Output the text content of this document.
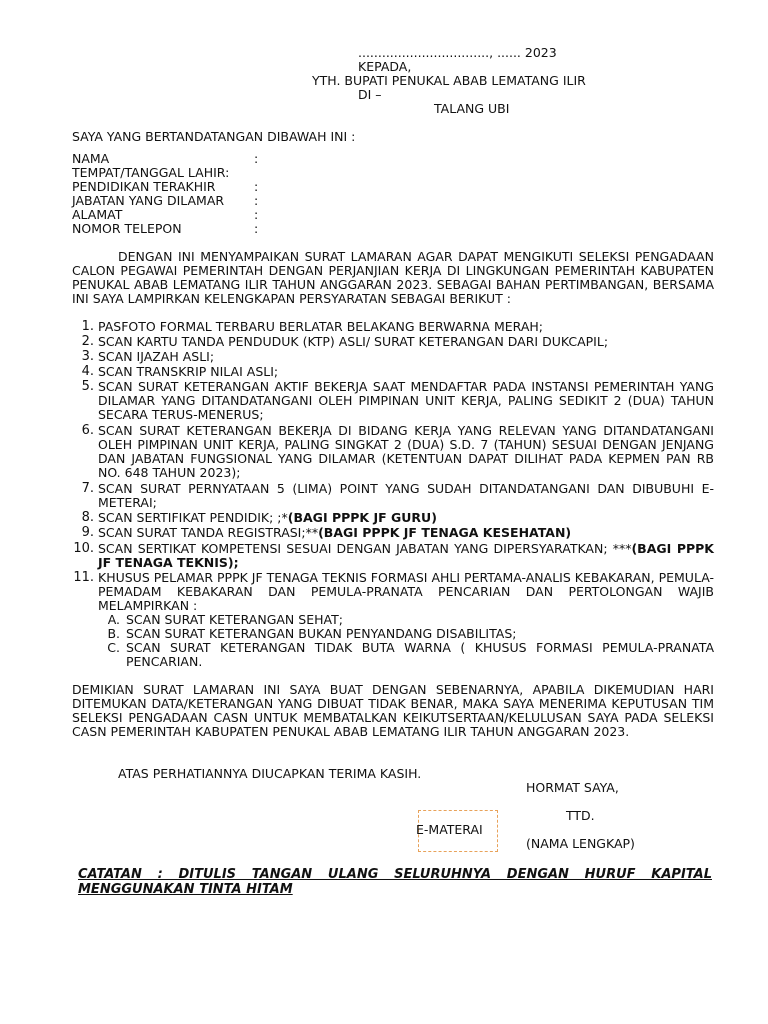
................................., ...... 2023
KEPADA,
YTH. BUPATI PENUKAL ABAB LEMATANG ILIR
DI –
TALANG UBI
SAYA YANG BERTANDATANGAN DIBAWAH INI :
NAMA	:
TEMPAT/TANGGAL LAHIR:
PENDIDIKAN TERAKHIR	:
JABATAN YANG DILAMAR :
ALAMAT	:
NOMOR TELEPON	:
DENGAN INI MENYAMPAIKAN SURAT LAMARAN AGAR DAPAT MENGIKUTI SELEKSI PENGADAAN CALON PEGAWAI PEMERINTAH DENGAN PERJANJIAN KERJA DI LINGKUNGAN PEMERINTAH KABUPATEN PENUKAL ABAB LEMATANG ILIR TAHUN ANGGARAN 2023. SEBAGAI BAHAN PERTIMBANGAN, BERSAMA INI SAYA LAMPIRKAN KELENGKAPAN PERSYARATAN SEBAGAI BERIKUT :
1. PASFOTO FORMAL TERBARU BERLATAR BELAKANG BERWARNA MERAH;
2. SCAN KARTU TANDA PENDUDUK (KTP) ASLI/ SURAT KETERANGAN DARI DUKCAPIL;
3. SCAN IJAZAH ASLI;
4. SCAN TRANSKRIP NILAI ASLI;
5. SCAN SURAT KETERANGAN AKTIF BEKERJA SAAT MENDAFTAR PADA INSTANSI PEMERINTAH YANG DILAMAR YANG DITANDATANGANI OLEH PIMPINAN UNIT KERJA, PALING SEDIKIT 2 (DUA) TAHUN SECARA TERUS-MENERUS;
6. SCAN SURAT KETERANGAN BEKERJA DI BIDANG KERJA YANG RELEVAN YANG DITANDATANGANI OLEH PIMPINAN UNIT KERJA, PALING SINGKAT 2 (DUA) S.D. 7 (TAHUN) SESUAI DENGAN JENJANG DAN JABATAN FUNGSIONAL YANG DILAMAR (KETENTUAN DAPAT DILIHAT PADA KEPMEN PAN RB NO. 648 TAHUN 2023);
7. SCAN SURAT PERNYATAAN 5 (LIMA) POINT YANG SUDAH DITANDATANGANI DAN DIBUBUHI E-METERAI;
8. SCAN SERTIFIKAT PENDIDIK; ;*(BAGI PPPK JF GURU)
9. SCAN SURAT TANDA REGISTRASI;**(BAGI PPPK JF TENAGA KESEHATAN)
10. SCAN SERTIKAT KOMPETENSI SESUAI DENGAN JABATAN YANG DIPERSYARATKAN; ***(BAGI PPPK JF TENAGA TEKNIS);
11. KHUSUS PELAMAR PPPK JF TENAGA TEKNIS FORMASI AHLI PERTAMA-ANALIS KEBAKARAN, PEMULA-PEMADAM KEBAKARAN DAN PEMULA-PRANATA PENCARIAN DAN PERTOLONGAN WAJIB MELAMPIRKAN :
A. SCAN SURAT KETERANGAN SEHAT;
B. SCAN SURAT KETERANGAN BUKAN PENYANDANG DISABILITAS;
C. SCAN SURAT KETERANGAN TIDAK BUTA WARNA ( KHUSUS FORMASI PEMULA-PRANATA PENCARIAN.
DEMIKIAN SURAT LAMARAN INI SAYA BUAT DENGAN SEBENARNYA, APABILA DIKEMUDIAN HARI DITEMUKAN DATA/KETERANGAN YANG DIBUAT TIDAK BENAR, MAKA SAYA MENERIMA KEPUTUSAN TIM SELEKSI PENGADAAN CASN UNTUK MEMBATALKAN KEIKUTSERTAAN/KELULUSAN SAYA PADA SELEKSI CASN PEMERINTAH KABUPATEN PENUKAL ABAB LEMATANG ILIR TAHUN ANGGARAN 2023.
ATAS PERHATIANNYA DIUCAPKAN TERIMA KASIH.
HORMAT SAYA,
TTD.
E-MATERAI
(NAMA LENGKAP)
CATATAN : DITULIS TANGAN ULANG SELURUHNYA DENGAN HURUF KAPITAL MENGGUNAKAN TINTA HITAM
